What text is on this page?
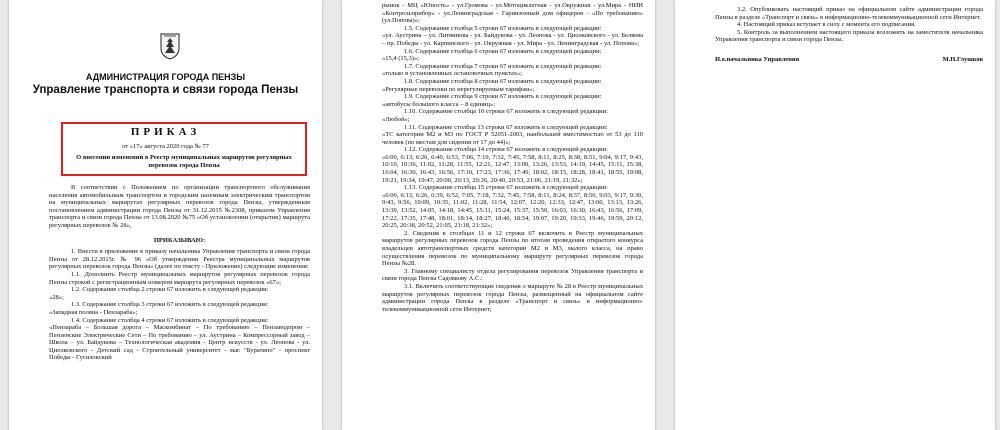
АДМИНИСТРАЦИЯ ГОРОДА ПЕНЗЫ
Управление транспорта и связи города Пензы
ПРИКАЗ
от «17» августа 2020 года № 77
О внесении изменений в Реестр муниципальных маршрутов регулярных перевозок города Пензы

В соответствии с Положением по организации транспортного обслуживания населения автомобильным транспортом и городским наземным электрическим транспортом на муниципальных маршрутах регулярных перевозок города Пензы, утвержденным постановлением администрации города Пензы от 31.12.2015 №2308, приказом Управления транспорта и связи города Пензы от 13.08.2020 №75 «Об установлении (открытии) маршрута регулярных перевозок № 28»,

ПРИКАЗЫВАЮ:

1. Внести в приложение к приказу начальника Управления транспорта и связи города Пензы от 28.12.2015г. № 96 «Об утверждении Реестра муниципальных маршрутов регулярных перевозок города Пензы» (далее по тексту - Приложение) следующие изменения:

1.1. Дополнить Реестр муниципальных маршрутов регулярных перевозок города Пензы строкой с регистрационным номером маршрута регулярных перевозок «67»;

1.2. Содержание столбца 2 строки 67 изложить в следующей редакции:

«28»;

1.3. Содержание столбца 3 строки 67 изложить в следующей редакции:

«Западная поляна - Пензараба»;

1.4. Содержание столбца 4 строки 67 изложить в следующей редакции:

«Пензараба – Большая дорога – Маскомбинат – По требованию – Пензаводпром – Пензенские Электрические Сети – По требованию – ул. Аустрина – Компрессорный завод – Школа – ул. Байдукова – Технологическая академия - Центр искусств - ул. Леонова - ул. Циолковского - Детский сад - Строительный университет - маг. "Буратино" - проспект Победы - Гусиловский

рынок - МЦ «Юность» - ул.Громова - ул.Мотоциклетная - ул.Окружная - ул.Мира - НИИ «Контрольприбор» - ул.Ленинградская - Гарнизонный дом офицеров - «По требованию» (ул.Попова)»;

1.5. Содержание столбца 5 строки 67 изложить в следующей редакции:

«ул. Аустрина – ул. Литвинова - ул. Байдукова - ул. Леонова - ул. Циолковского - ул. Беляева – пр. Победы - ул. Карпинского - ул. Окружная - ул. Мира - ул. Ленинградская - ул. Попова»;

1.6. Содержание столбца 6 строки 67 изложить в следующей редакции:

«15,4 (15,3)»;

1.7. Содержание столбца 7 строки 67 изложить в следующей редакции:

«только в установленных остановочных пунктах»;

1.8. Содержание столбца 8 строки 67 изложить в следующей редакции:

«Регулярные перевозки по нерегулируемым тарифам»;

1.9. Содержание столбца 9 строки 67 изложить в следующей редакции:

«автобусы большого класса – 8 единиц»;

1.10. Содержание столбца 10 строки 67 изложить в следующей редакции:

«Любой»;

1.11. Содержание столбца 13 строки 67 изложить в следующей редакции:

«ТС категории М2 и М3 по ГОСТ Р 52051-2003, наибольшей вместимостью от 53 до 110 человек (по местам для сидения от 17 до 44)»;

1.12. Содержание столбца 14 строки 67 изложить в следующей редакции:

«6:00, 6:13, 6:26, 6:40, 6:53, 7:06, 7:19, 7:32, 7:45, 7:58, 8:11, 8:25, 8:38, 8:51, 9:04, 9:17, 9:43, 10:10, 10:36, 11:02, 11:28, 11:55, 12:21, 12:47, 13:00, 13:26, 13:53, 14:19, 14:45, 15:11, 15:38, 16:04, 16:30, 16:43, 16:56, 17:10, 17:23, 17:36, 17:49, 18:02, 18:15, 18:28, 18:41, 18:55, 19:08, 19:21, 19:34, 19:47, 20:00, 20:13, 20:26, 20:40, 20:53, 21:06, 21:19, 21:32»;

1.13. Содержание столбца 15 строки 67 изложить в следующей редакции:

«6:00, 6:13, 6:26, 6:39, 6:52, 7:05, 7:18, 7:32, 7:45, 7:58, 8:11, 8:24, 8:37, 8:50, 9:03, 9:17, 9:30, 9:43, 9:56, 10:09, 10:35, 11:02, 11:28, 11:54, 12:07, 12:20, 12:33, 12:47, 13:00, 13:13, 13:26, 13:39, 13:52, 14:05, 14:18, 14:45, 15:11, 15:24, 15:37, 15:50, 16:03, 16:30, 16:43, 16:56, 17:09, 17:22, 17:35, 17:48, 18:01, 18:14, 18:27, 18:40, 18:54, 19:07, 19:20, 19:33, 19:46, 19:59, 20:12, 20:25, 20:38, 20:52, 21:05, 21:18, 21:32»;

2. Сведения в столбцах 11 и 12 строки 67 включить в Реестр муниципальных маршрутов регулярных перевозок города Пензы по итогам проведения открытого конкурса владельцев автотранспортных средств категории М2 и М3, малого класса, на право осуществления перевозок по муниципальному маршруту регулярных перевозок города Пензы №28.

3. Главному специалисту отдела регулирования перевозок Управления транспорта и связи города Пензы Садовкову А.С.:

3.1. Включить соответствующие сведения о маршруте № 28 в Реестр муниципальных маршрутов регулярных перевозок города Пензы, размещенный на официальном сайте администрации города Пензы в разделе «Транспорт и связь» в информационно-телекоммуникационной сети Интернет;

3.2. Опубликовать настоящий приказ на официальном сайте администрации города Пензы в разделе «Транспорт и связь» в информационно-телекоммуникационной сети Интернет.

4. Настоящий приказ вступает в силу с момента его подписания.

5. Контроль за выполнением настоящего приказа возложить на заместителя начальника Управления транспорта и связи города Пензы.

И.о.начальника Управления	М.Н.Глушков
